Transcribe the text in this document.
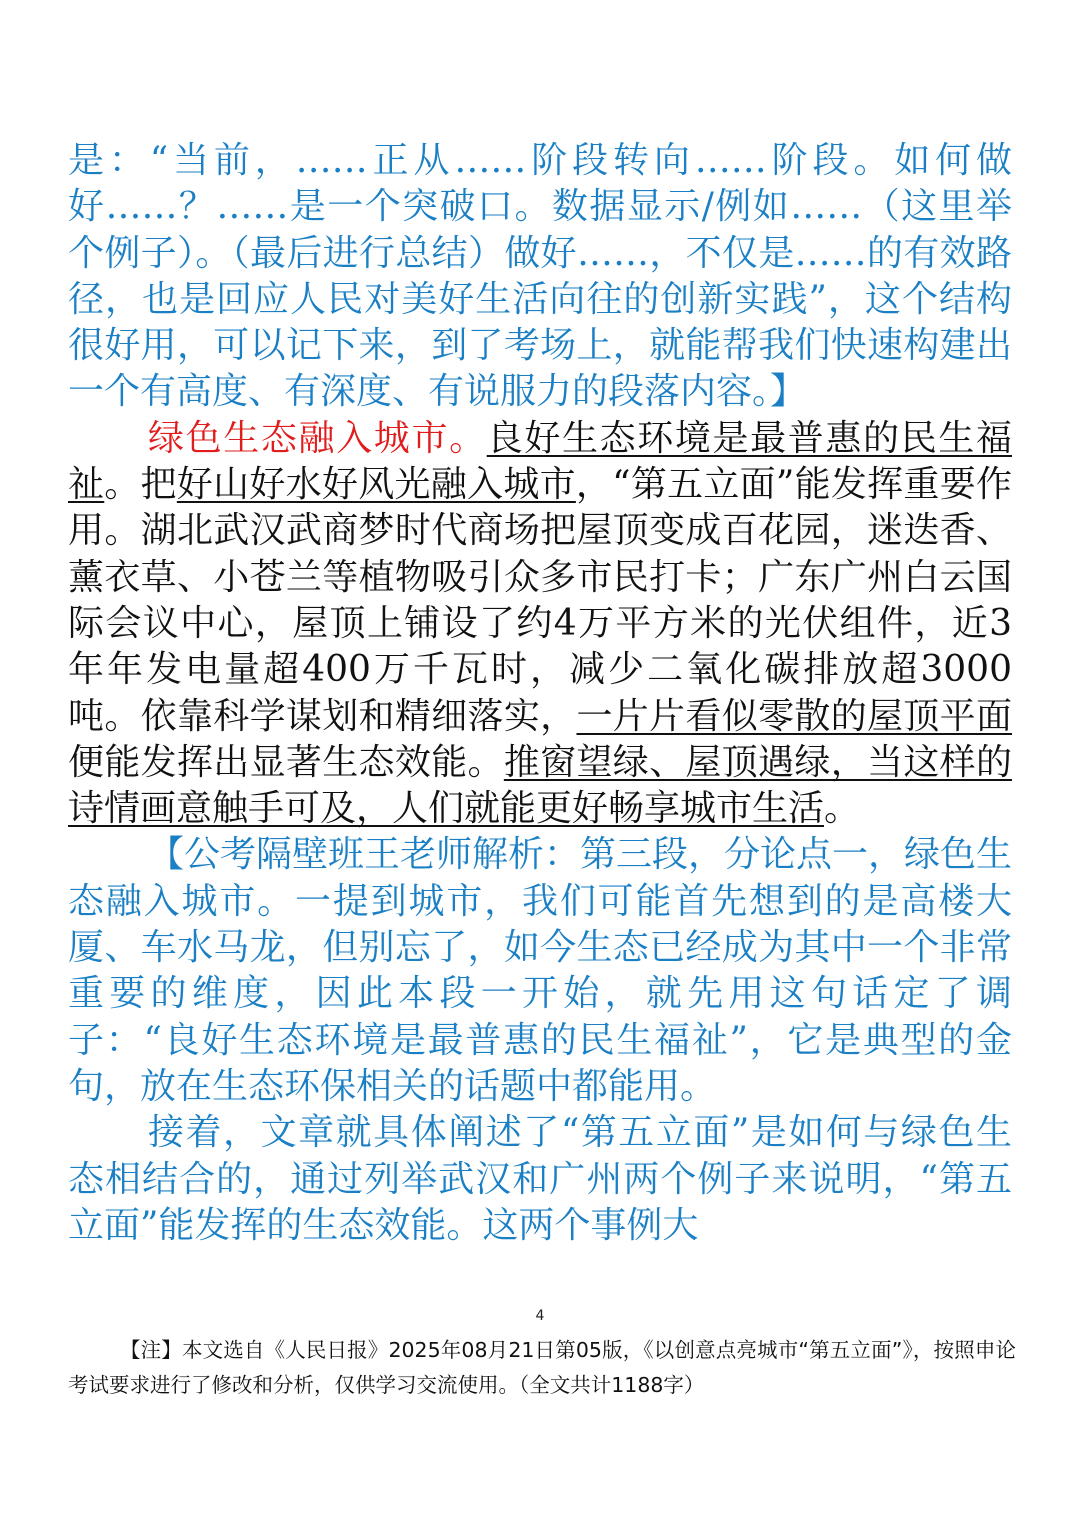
是：“当前，……正从……阶段转向……阶段。如何做好……？……是一个突破口。数据显示/例如……（这里举个例子）。（最后进行总结）做好……，不仅是……的有效路径，也是回应人民对美好生活向往的创新实践”，这个结构很好用，可以记下来，到了考场上，就能帮我们快速构建出一个有高度、有深度、有说服力的段落内容。】

绿色生态融入城市。良好生态环境是最普惠的民生福祉。把好山好水好风光融入城市，“第五立面”能发挥重要作用。湖北武汉武商梦时代商场把屋顶变成百花园，迷迭香、薰衣草、小苍兰等植物吸引众多市民打卡；广东广州白云国际会议中心，屋顶上铺设了约4万平方米的光伏组件，近3年年发电量超400万千瓦时，减少二氧化碳排放超3000吨。依靠科学谋划和精细落实，一片片看似零散的屋顶平面便能发挥出显著生态效能。推窗望绿、屋顶遇绿，当这样的诗情画意触手可及，人们就能更好畅享城市生活。

【公考隔壁班王老师解析：第三段，分论点一，绿色生态融入城市。一提到城市，我们可能首先想到的是高楼大厦、车水马龙，但别忘了，如今生态已经成为其中一个非常重要的维度，因此本段一开始，就先用这句话定了调子：“良好生态环境是最普惠的民生福祉”，它是典型的金句，放在生态环保相关的话题中都能用。

接着，文章就具体阐述了“第五立面”是如何与绿色生态相结合的，通过列举武汉和广州两个例子来说明，“第五立面”能发挥的生态效能。这两个事例大

4
【注】本文选自《人民日报》2025年08月21日第05版，《以创意点亮城市“第五立面”》，按照申论考试要求进行了修改和分析，仅供学习交流使用。（全文共计1188字）
